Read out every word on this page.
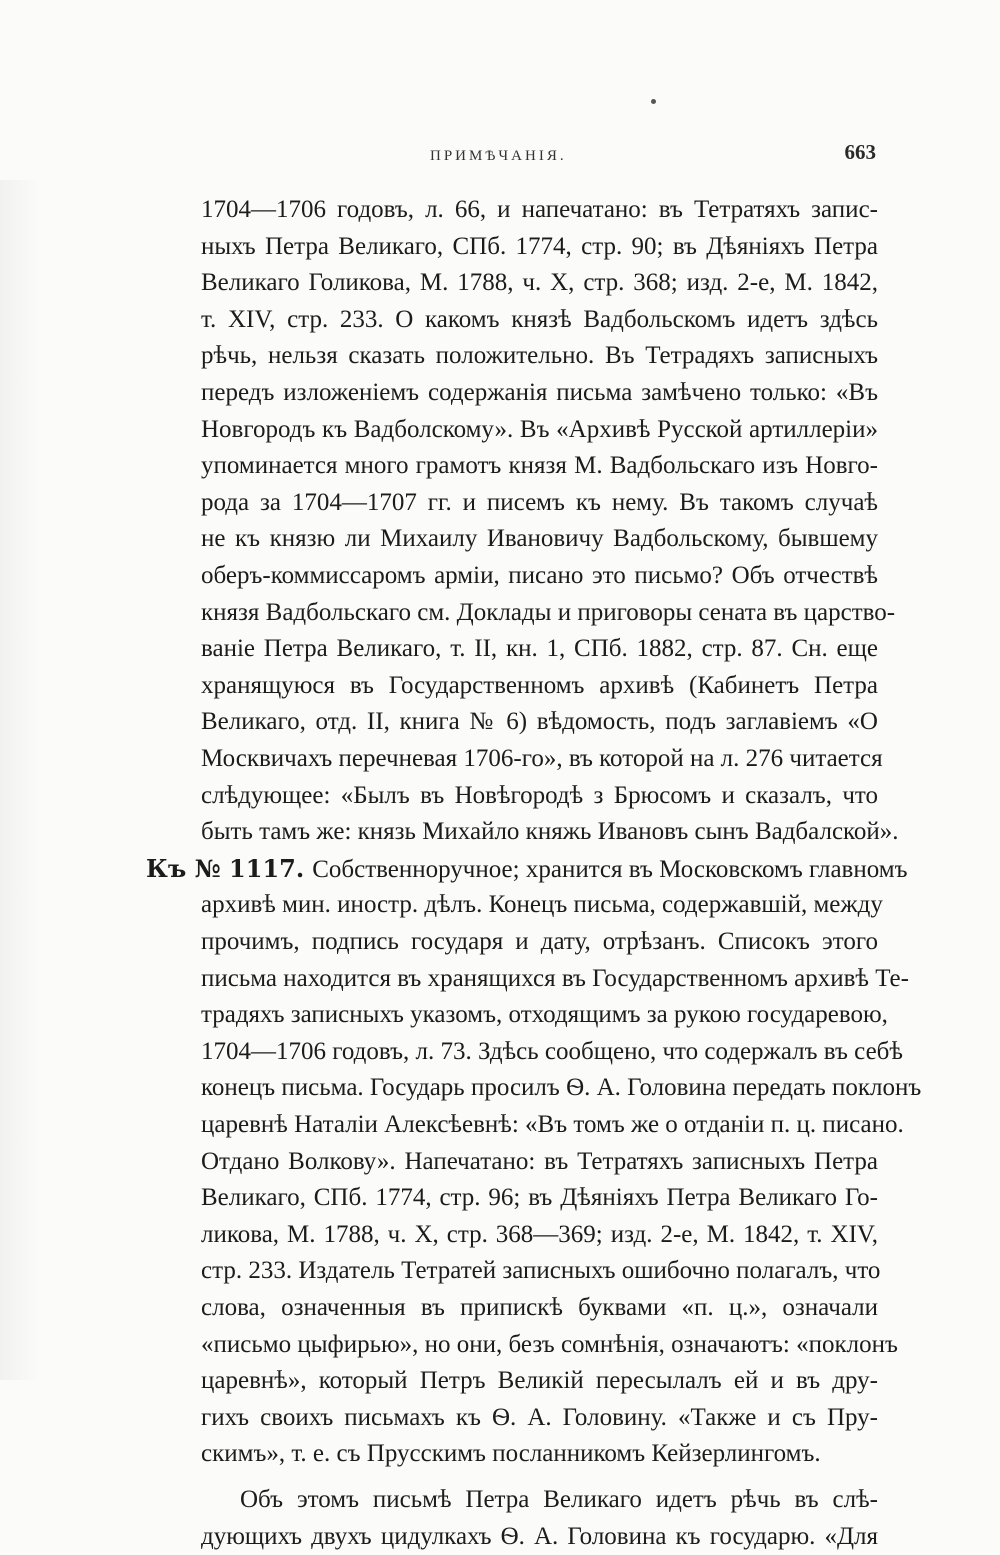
ПРИМѢЧАНІЯ.	663
1704—1706 годовъ, л. 66, и напечатано: въ Тетратяхъ запис-
ныхъ Петра Великаго, СПб. 1774, стр. 90; въ Дѣяніяхъ Петра
Великаго Голикова, М. 1788, ч. X, стр. 368; изд. 2-е, М. 1842,
т. XIV, стр. 233. О какомъ князѣ Вадбольскомъ идетъ здѣсь
рѣчь, нельзя сказать положительно. Въ Тетрадяхъ записныхъ
передъ изложеніемъ содержанія письма замѣчено только: «Въ
Новгородъ къ Вадболскому». Въ «Архивѣ Русской артиллеріи»
упоминается много грамотъ князя М. Вадбольскаго изъ Новго-
рода за 1704—1707 гг. и писемъ къ нему. Въ такомъ случаѣ
не къ князю ли Михаилу Ивановичу Вадбольскому, бывшему
оберъ-коммиссаромъ арміи, писано это письмо? Объ отчествѣ
князя Вадбольскаго см. Доклады и приговоры сената въ царство-
ваніе Петра Великаго, т. II, кн. 1, СПб. 1882, стр. 87. Сн. еще
хранящуюся въ Государственномъ архивѣ (Кабинетъ Петра
Великаго, отд. II, книга № 6) вѣдомость, подъ заглавіемъ «О
Москвичахъ перечневая 1706-го», въ которой на л. 276 читается
слѣдующее: «Былъ въ Новѣгородѣ з Брюсомъ и сказалъ, что
быть тамъ же: князь Михайло княжь Ивановъ сынъ Вадбалской».
Къ № 1117. Собственноручное; хранится въ Московскомъ главномъ
архивѣ мин. иностр. дѣлъ. Конецъ письма, содержавшій, между
прочимъ, подпись государя и дату, отрѣзанъ. Списокъ этого
письма находится въ хранящихся въ Государственномъ архивѣ Те-
традяхъ записныхъ указомъ, отходящимъ за рукою государевою,
1704—1706 годовъ, л. 73. Здѣсь сообщено, что содержалъ въ себѣ
конецъ письма. Государь просилъ Ѳ. А. Головина передать поклонъ
царевнѣ Наталіи Алексѣевнѣ: «Въ томъ же о отданіи п. ц. писано.
Отдано Волкову». Напечатано: въ Тетратяхъ записныхъ Петра
Великаго, СПб. 1774, стр. 96; въ Дѣяніяхъ Петра Великаго Го-
ликова, М. 1788, ч. X, стр. 368—369; изд. 2-е, М. 1842, т. XIV,
стр. 233. Издатель Тетратей записныхъ ошибочно полагалъ, что
слова, означенныя въ припискѣ буквами «п. ц.», означали
«письмо цыфирью», но они, безъ сомнѣнія, означаютъ: «поклонъ
царевнѣ», который Петръ Великій пересылалъ ей и въ дру-
гихъ своихъ письмахъ къ Ѳ. А. Головину. «Также и съ Пру-
скимъ», т. е. съ Прусскимъ посланникомъ Кейзерлингомъ.
Объ этомъ письмѣ Петра Великаго идетъ рѣчь въ слѣ-
дующихъ двухъ цидулкахъ Ѳ. А. Головина къ государю. «Для
